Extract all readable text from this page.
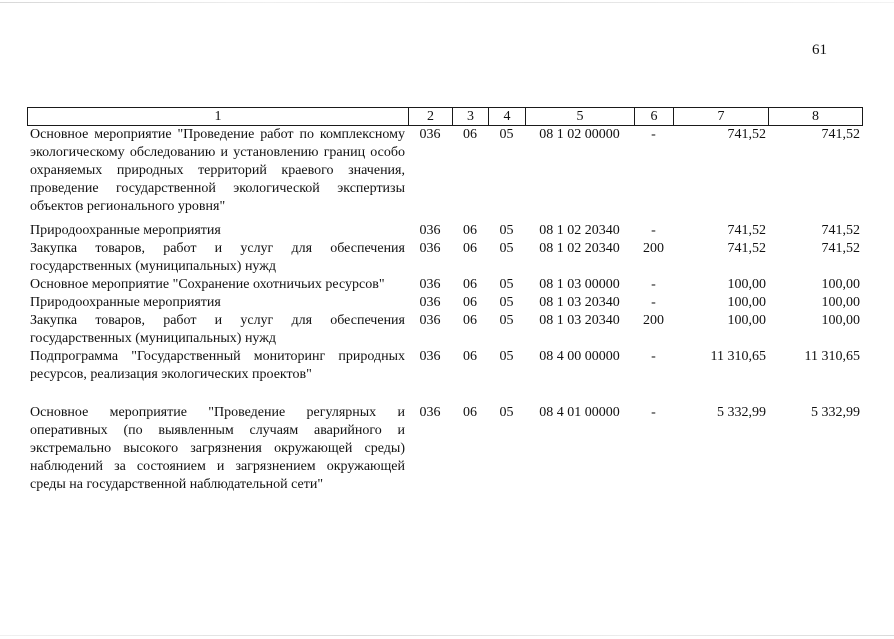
61
1	2	3	4	5	6	7	8
Основное мероприятие "Проведение работ по комплексному экологическому обследованию и установлению границ особо охраняемых природных территорий краевого значения, проведение государственной экологической экспертизы объектов регионального уровня"	036	06	05	08 1 02 00000	-	741,52	741,52

Природоохранные мероприятия	036	06	05	08 1 02 20340	-	741,52	741,52
Закупка товаров, работ и услуг для обеспечения государственных (муниципальных) нужд	036	06	05	08 1 02 20340	200	741,52	741,52
Основное мероприятие "Сохранение охотничьих ресурсов"	036	06	05	08 1 03 00000	-	100,00	100,00
Природоохранные мероприятия	036	06	05	08 1 03 20340	-	100,00	100,00
Закупка товаров, работ и услуг для обеспечения государственных (муниципальных) нужд	036	06	05	08 1 03 20340	200	100,00	100,00
Подпрограмма "Государственный мониторинг природных ресурсов, реализация экологических проектов"	036	06	05	08 4 00 00000	-	11 310,65	11 310,65

Основное мероприятие "Проведение регулярных и оперативных (по выявленным случаям аварийного и экстремально высокого загрязнения окружающей среды) наблюдений за состоянием и загрязнением окружающей среды на государственной наблюдательной сети"	036	06	05	08 4 01 00000	-	5 332,99	5 332,99
